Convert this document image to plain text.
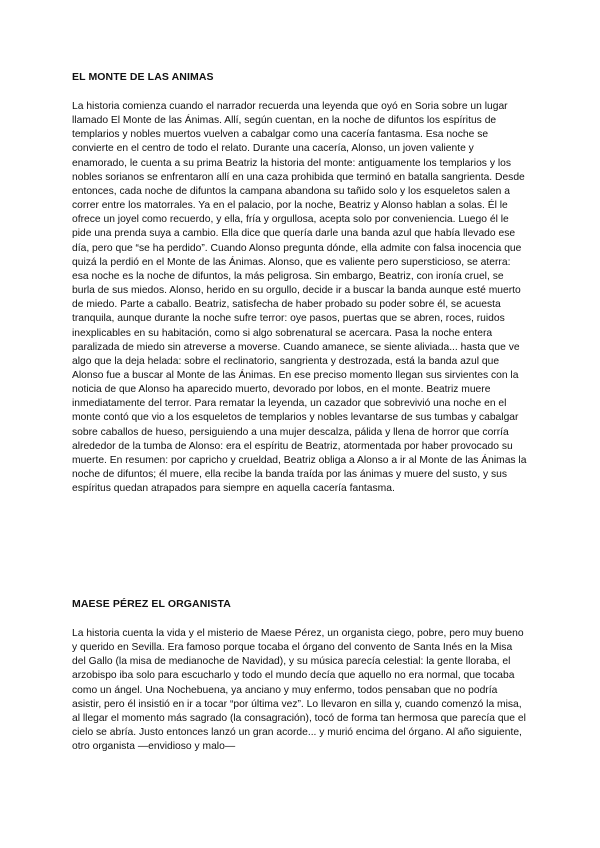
EL MONTE DE LAS ANIMAS

La historia comienza cuando el narrador recuerda una leyenda que oyó en Soria sobre un lugar llamado El Monte de las Ánimas. Allí, según cuentan, en la noche de difuntos los espíritus de templarios y nobles muertos vuelven a cabalgar como una cacería fantasma. Esa noche se convierte en el centro de todo el relato. Durante una cacería, Alonso, un joven valiente y enamorado, le cuenta a su prima Beatriz la historia del monte: antiguamente los templarios y los nobles sorianos se enfrentaron allí en una caza prohibida que terminó en batalla sangrienta. Desde entonces, cada noche de difuntos la campana abandona su tañido solo y los esqueletos salen a correr entre los matorrales. Ya en el palacio, por la noche, Beatriz y Alonso hablan a solas. Él le ofrece un joyel como recuerdo, y ella, fría y orgullosa, acepta solo por conveniencia. Luego él le pide una prenda suya a cambio. Ella dice que quería darle una banda azul que había llevado ese día, pero que “se ha perdido”. Cuando Alonso pregunta dónde, ella admite con falsa inocencia que quizá la perdió en el Monte de las Ánimas. Alonso, que es valiente pero supersticioso, se aterra: esa noche es la noche de difuntos, la más peligrosa. Sin embargo, Beatriz, con ironía cruel, se burla de sus miedos. Alonso, herido en su orgullo, decide ir a buscar la banda aunque esté muerto de miedo. Parte a caballo. Beatriz, satisfecha de haber probado su poder sobre él, se acuesta tranquila, aunque durante la noche sufre terror: oye pasos, puertas que se abren, roces, ruidos inexplicables en su habitación, como si algo sobrenatural se acercara. Pasa la noche entera paralizada de miedo sin atreverse a moverse. Cuando amanece, se siente aliviada... hasta que ve algo que la deja helada: sobre el reclinatorio, sangrienta y destrozada, está la banda azul que Alonso fue a buscar al Monte de las Ánimas. En ese preciso momento llegan sus sirvientes con la noticia de que Alonso ha aparecido muerto, devorado por lobos, en el monte. Beatriz muere inmediatamente del terror. Para rematar la leyenda, un cazador que sobrevivió una noche en el monte contó que vio a los esqueletos de templarios y nobles levantarse de sus tumbas y cabalgar sobre caballos de hueso, persiguiendo a una mujer descalza, pálida y llena de horror que corría alrededor de la tumba de Alonso: era el espíritu de Beatriz, atormentada por haber provocado su muerte. En resumen: por capricho y crueldad, Beatriz obliga a Alonso a ir al Monte de las Ánimas la noche de difuntos; él muere, ella recibe la banda traída por las ánimas y muere del susto, y sus espíritus quedan atrapados para siempre en aquella cacería fantasma.

MAESE PÉREZ EL ORGANISTA

La historia cuenta la vida y el misterio de Maese Pérez, un organista ciego, pobre, pero muy bueno y querido en Sevilla. Era famoso porque tocaba el órgano del convento de Santa Inés en la Misa del Gallo (la misa de medianoche de Navidad), y su música parecía celestial: la gente lloraba, el arzobispo iba solo para escucharlo y todo el mundo decía que aquello no era normal, que tocaba como un ángel. Una Nochebuena, ya anciano y muy enfermo, todos pensaban que no podría asistir, pero él insistió en ir a tocar “por última vez”. Lo llevaron en silla y, cuando comenzó la misa, al llegar el momento más sagrado (la consagración), tocó de forma tan hermosa que parecía que el cielo se abría. Justo entonces lanzó un gran acorde... y murió encima del órgano. Al año siguiente, otro organista —envidioso y malo—
